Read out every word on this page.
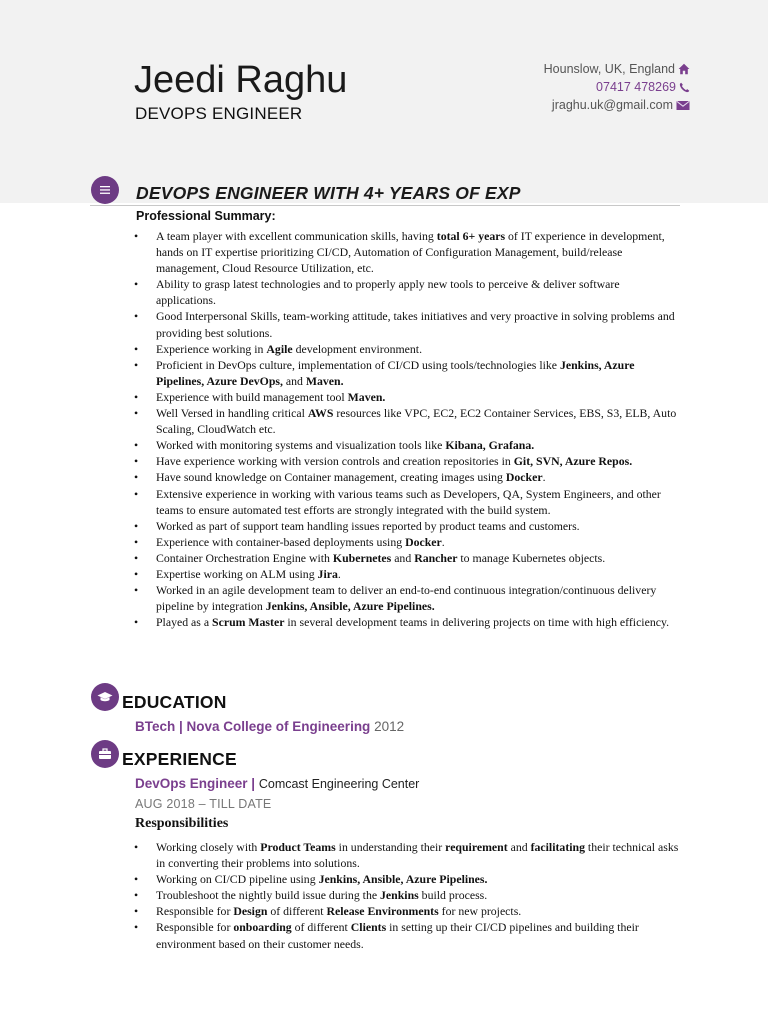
Jeedi Raghu
DEVOPS ENGINEER
Hounslow, UK, England
07417 478269
jraghu.uk@gmail.com
DEVOPS ENGINEER WITH 4+ YEARS OF EXP
Professional Summary:
• A team player with excellent communication skills, having total 6+ years of IT experience in development, hands on IT expertise prioritizing CI/CD, Automation of Configuration Management, build/release management, Cloud Resource Utilization, etc.
• Ability to grasp latest technologies and to properly apply new tools to perceive & deliver software applications.
• Good Interpersonal Skills, team-working attitude, takes initiatives and very proactive in solving problems and providing best solutions.
• Experience working in Agile development environment.
• Proficient in DevOps culture, implementation of CI/CD using tools/technologies like Jenkins, Azure Pipelines, Azure DevOps, and Maven.
• Experience with build management tool Maven.
• Well Versed in handling critical AWS resources like VPC, EC2, EC2 Container Services, EBS, S3, ELB, Auto Scaling, CloudWatch etc.
• Worked with monitoring systems and visualization tools like Kibana, Grafana.
• Have experience working with version controls and creation repositories in Git, SVN, Azure Repos.
• Have sound knowledge on Container management, creating images using Docker.
• Extensive experience in working with various teams such as Developers, QA, System Engineers, and other teams to ensure automated test efforts are strongly integrated with the build system.
• Worked as part of support team handling issues reported by product teams and customers.
• Experience with container-based deployments using Docker.
• Container Orchestration Engine with Kubernetes and Rancher to manage Kubernetes objects.
• Expertise working on ALM using Jira.
• Worked in an agile development team to deliver an end-to-end continuous integration/continuous delivery pipeline by integration Jenkins, Ansible, Azure Pipelines.
• Played as a Scrum Master in several development teams in delivering projects on time with high efficiency.
EDUCATION
BTech | Nova College of Engineering 2012
EXPERIENCE
DevOps Engineer | Comcast Engineering Center
AUG 2018 – TILL DATE
Responsibilities
• Working closely with Product Teams in understanding their requirement and facilitating their technical asks in converting their problems into solutions.
• Working on CI/CD pipeline using Jenkins, Ansible, Azure Pipelines.
• Troubleshoot the nightly build issue during the Jenkins build process.
• Responsible for Design of different Release Environments for new projects.
• Responsible for onboarding of different Clients in setting up their CI/CD pipelines and building their environment based on their customer needs.
